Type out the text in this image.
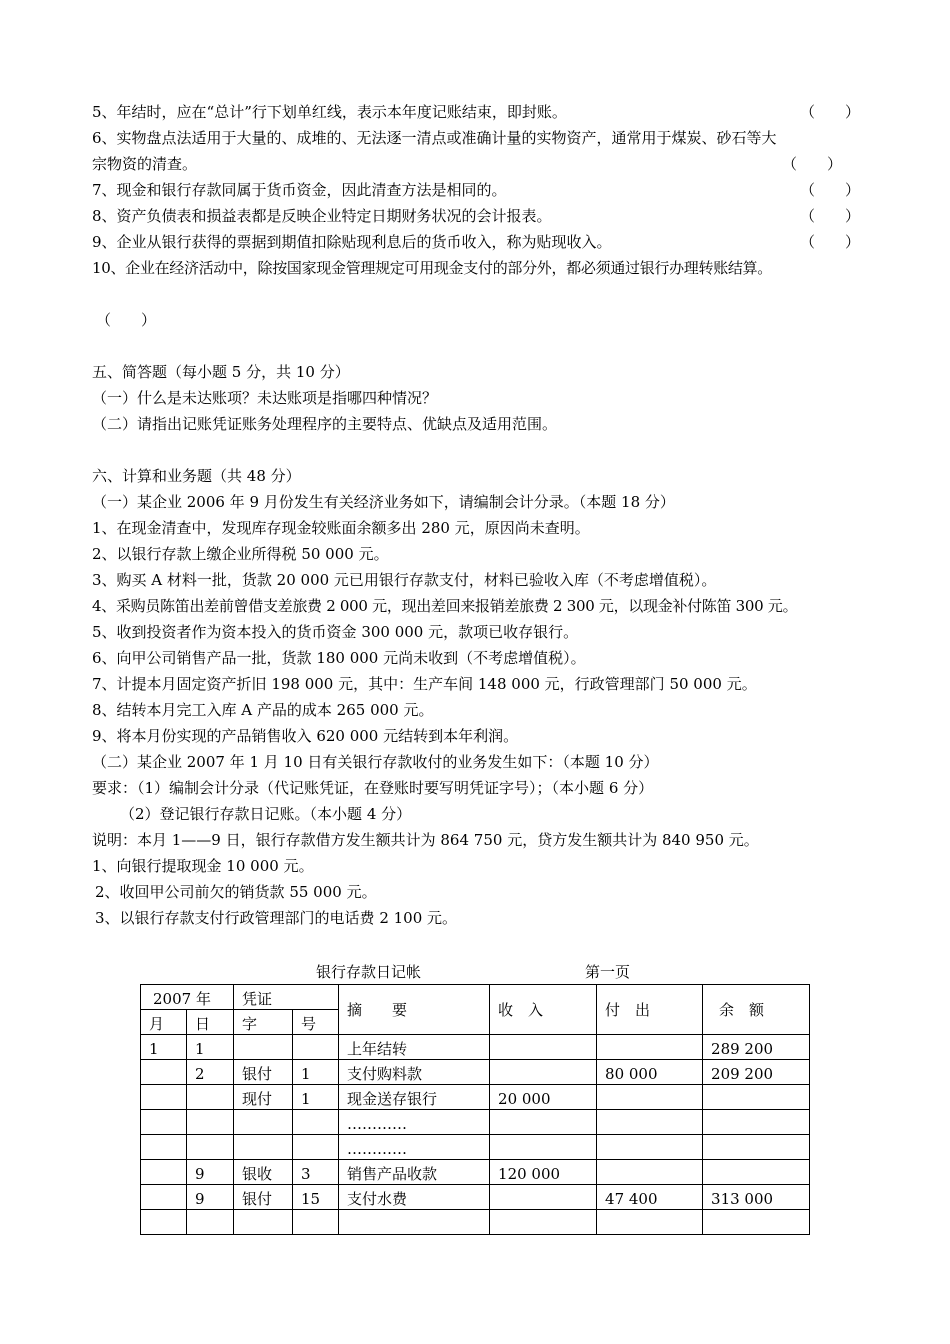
5、年结时，应在“总计”行下划单红线，表示本年度记账结束，即封账。	（　　）
6、实物盘点法适用于大量的、成堆的、无法逐一清点或准确计量的实物资产，通常用于煤炭、砂石等大
宗物资的清查。	（　　）
7、现金和银行存款同属于货币资金，因此清查方法是相同的。	（　　）
8、资产负债表和损益表都是反映企业特定日期财务状况的会计报表。	（　　）
9、企业从银行获得的票据到期值扣除贴现利息后的货币收入，称为贴现收入。	（　　）
10、企业在经济活动中，除按国家现金管理规定可用现金支付的部分外，都必须通过银行办理转账结算。
（　　）
五、简答题（每小题 5 分，共 10 分）
（一）什么是未达账项？未达账项是指哪四种情况？
（二）请指出记账凭证账务处理程序的主要特点、优缺点及适用范围。
六、计算和业务题（共 48 分）
（一）某企业 2006 年 9 月份发生有关经济业务如下，请编制会计分录。（本题 18 分）
1、在现金清查中，发现库存现金较账面余额多出 280 元，原因尚未查明。
2、以银行存款上缴企业所得税 50 000 元。
3、购买 A 材料一批，货款 20 000 元已用银行存款支付，材料已验收入库（不考虑增值税）。
4、采购员陈笛出差前曾借支差旅费 2 000 元，现出差回来报销差旅费 2 300 元，以现金补付陈笛 300 元。
5、收到投资者作为资本投入的货币资金 300 000 元，款项已收存银行。
6、向甲公司销售产品一批，货款 180 000 元尚未收到（不考虑增值税）。
7、计提本月固定资产折旧 198 000 元，其中：生产车间 148 000 元，行政管理部门 50 000 元。
8、结转本月完工入库 A 产品的成本 265 000 元。
9、将本月份实现的产品销售收入 620 000 元结转到本年利润。
（二）某企业 2007 年 1 月 10 日有关银行存款收付的业务发生如下：（本题 10 分）
要求：（1）编制会计分录（代记账凭证，在登账时要写明凭证字号）；（本小题 6 分）
（2）登记银行存款日记账。（本小题 4 分）
说明：本月 1——9 日，银行存款借方发生额共计为 864 750 元，贷方发生额共计为 840 950 元。
1、向银行提取现金 10 000 元。
2、收回甲公司前欠的销货款 55 000 元。
3、以银行存款支付行政管理部门的电话费 2 100 元。
银行存款日记帐	第一页
2007 年		凭证		摘　　要	收　入	付　出	余　额
月	日	字	号				
1	1			上年结转			289 200
	2	银付	1	支付购料款		80 000	209 200
		现付	1	现金送存银行	20 000		
				…………			
				…………			
	9	银收	3	销售产品收款	120 000		
	9	银付	15	支付水费		47 400	313 000
